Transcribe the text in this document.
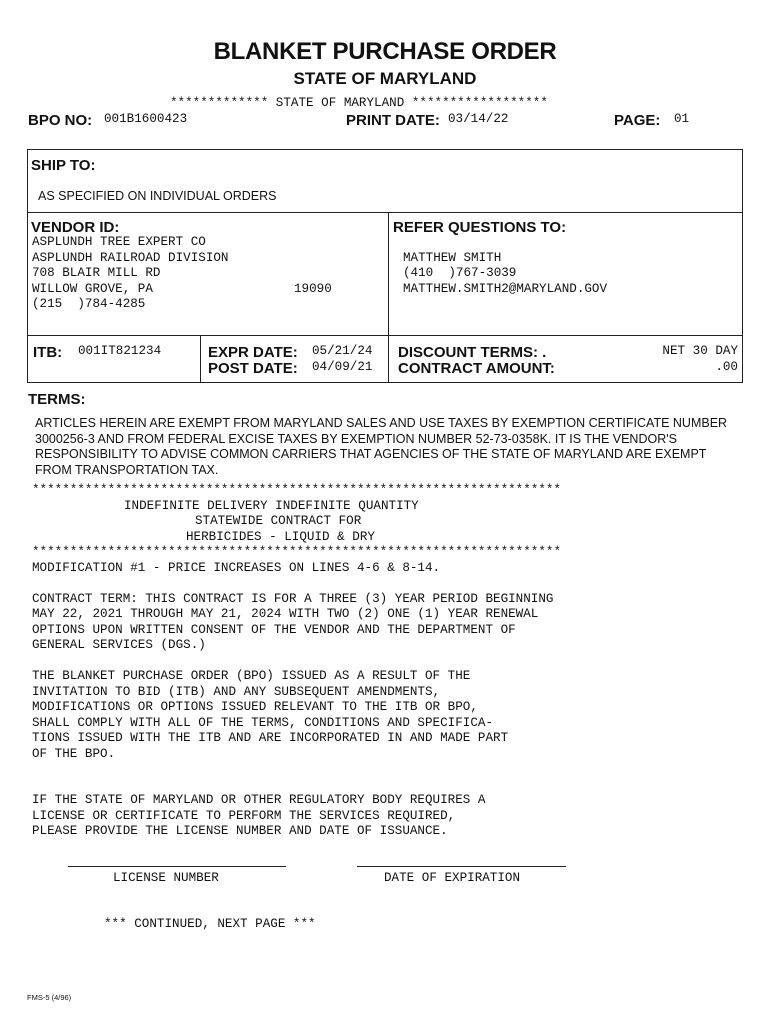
BLANKET PURCHASE ORDER
STATE OF MARYLAND
************* STATE OF MARYLAND ******************
BPO NO: 001B1600423	PRINT DATE: 03/14/22	PAGE: 01
SHIP TO:
AS SPECIFIED ON INDIVIDUAL ORDERS
VENDOR ID:
ASPLUNDH TREE EXPERT CO
ASPLUNDH RAILROAD DIVISION
708 BLAIR MILL RD
WILLOW GROVE, PA	19090
(215  )784-4285
REFER QUESTIONS TO:
MATTHEW SMITH
(410  )767-3039
MATTHEW.SMITH2@MARYLAND.GOV
ITB: 001IT821234	EXPR DATE: 05/21/24
POST DATE: 04/09/21
DISCOUNT TERMS: .	NET 30 DAY
CONTRACT AMOUNT:	.00
TERMS:
ARTICLES HEREIN ARE EXEMPT FROM MARYLAND SALES AND USE TAXES BY EXEMPTION CERTIFICATE NUMBER 3000256-3 AND FROM FEDERAL EXCISE TAXES BY EXEMPTION NUMBER 52-73-0358K. IT IS THE VENDOR'S RESPONSIBILITY TO ADVISE COMMON CARRIERS THAT AGENCIES OF THE STATE OF MARYLAND ARE EXEMPT FROM TRANSPORTATION TAX.
**********************************************************************
INDEFINITE DELIVERY INDEFINITE QUANTITY
STATEWIDE CONTRACT FOR
HERBICIDES - LIQUID & DRY
**********************************************************************
MODIFICATION #1 - PRICE INCREASES ON LINES 4-6 & 8-14.
CONTRACT TERM: THIS CONTRACT IS FOR A THREE (3) YEAR PERIOD BEGINNING
MAY 22, 2021 THROUGH MAY 21, 2024 WITH TWO (2) ONE (1) YEAR RENEWAL
OPTIONS UPON WRITTEN CONSENT OF THE VENDOR AND THE DEPARTMENT OF
GENERAL SERVICES (DGS.)
THE BLANKET PURCHASE ORDER (BPO) ISSUED AS A RESULT OF THE
INVITATION TO BID (ITB) AND ANY SUBSEQUENT AMENDMENTS,
MODIFICATIONS OR OPTIONS ISSUED RELEVANT TO THE ITB OR BPO,
SHALL COMPLY WITH ALL OF THE TERMS, CONDITIONS AND SPECIFICA-
TIONS ISSUED WITH THE ITB AND ARE INCORPORATED IN AND MADE PART
OF THE BPO.
IF THE STATE OF MARYLAND OR OTHER REGULATORY BODY REQUIRES A
LICENSE OR CERTIFICATE TO PERFORM THE SERVICES REQUIRED,
PLEASE PROVIDE THE LICENSE NUMBER AND DATE OF ISSUANCE.
LICENSE NUMBER	DATE OF EXPIRATION
*** CONTINUED, NEXT PAGE ***
FMS-5 (4/96)
